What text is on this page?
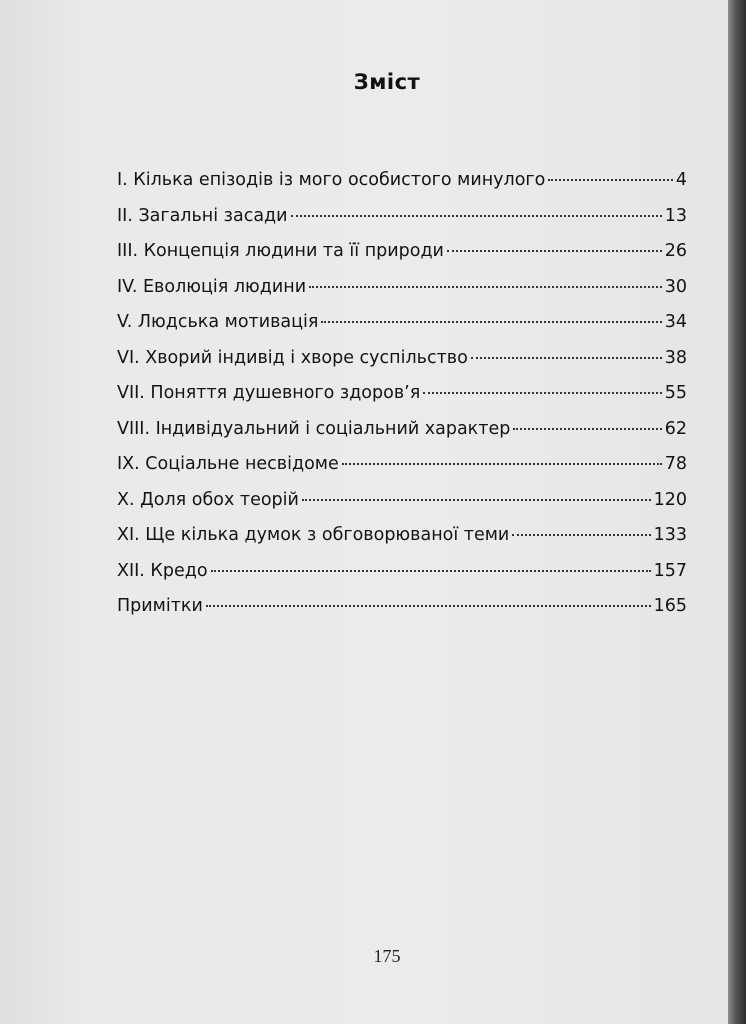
Зміст
I. Кілька епізодів із мого особистого минулого	4
II. Загальні засади	13
III. Концепція людини та її природи	26
IV. Еволюція людини	30
V. Людська мотивація	34
VI. Хворий індивід і хворе суспільство	38
VII. Поняття душевного здоров’я	55
VIII. Індивідуальний і соціальний характер	62
IX. Соціальне несвідоме	78
X. Доля обох теорій	120
XI. Ще кілька думок з обговорюваної теми	133
XII. Кредо	157
Примітки	165
175
